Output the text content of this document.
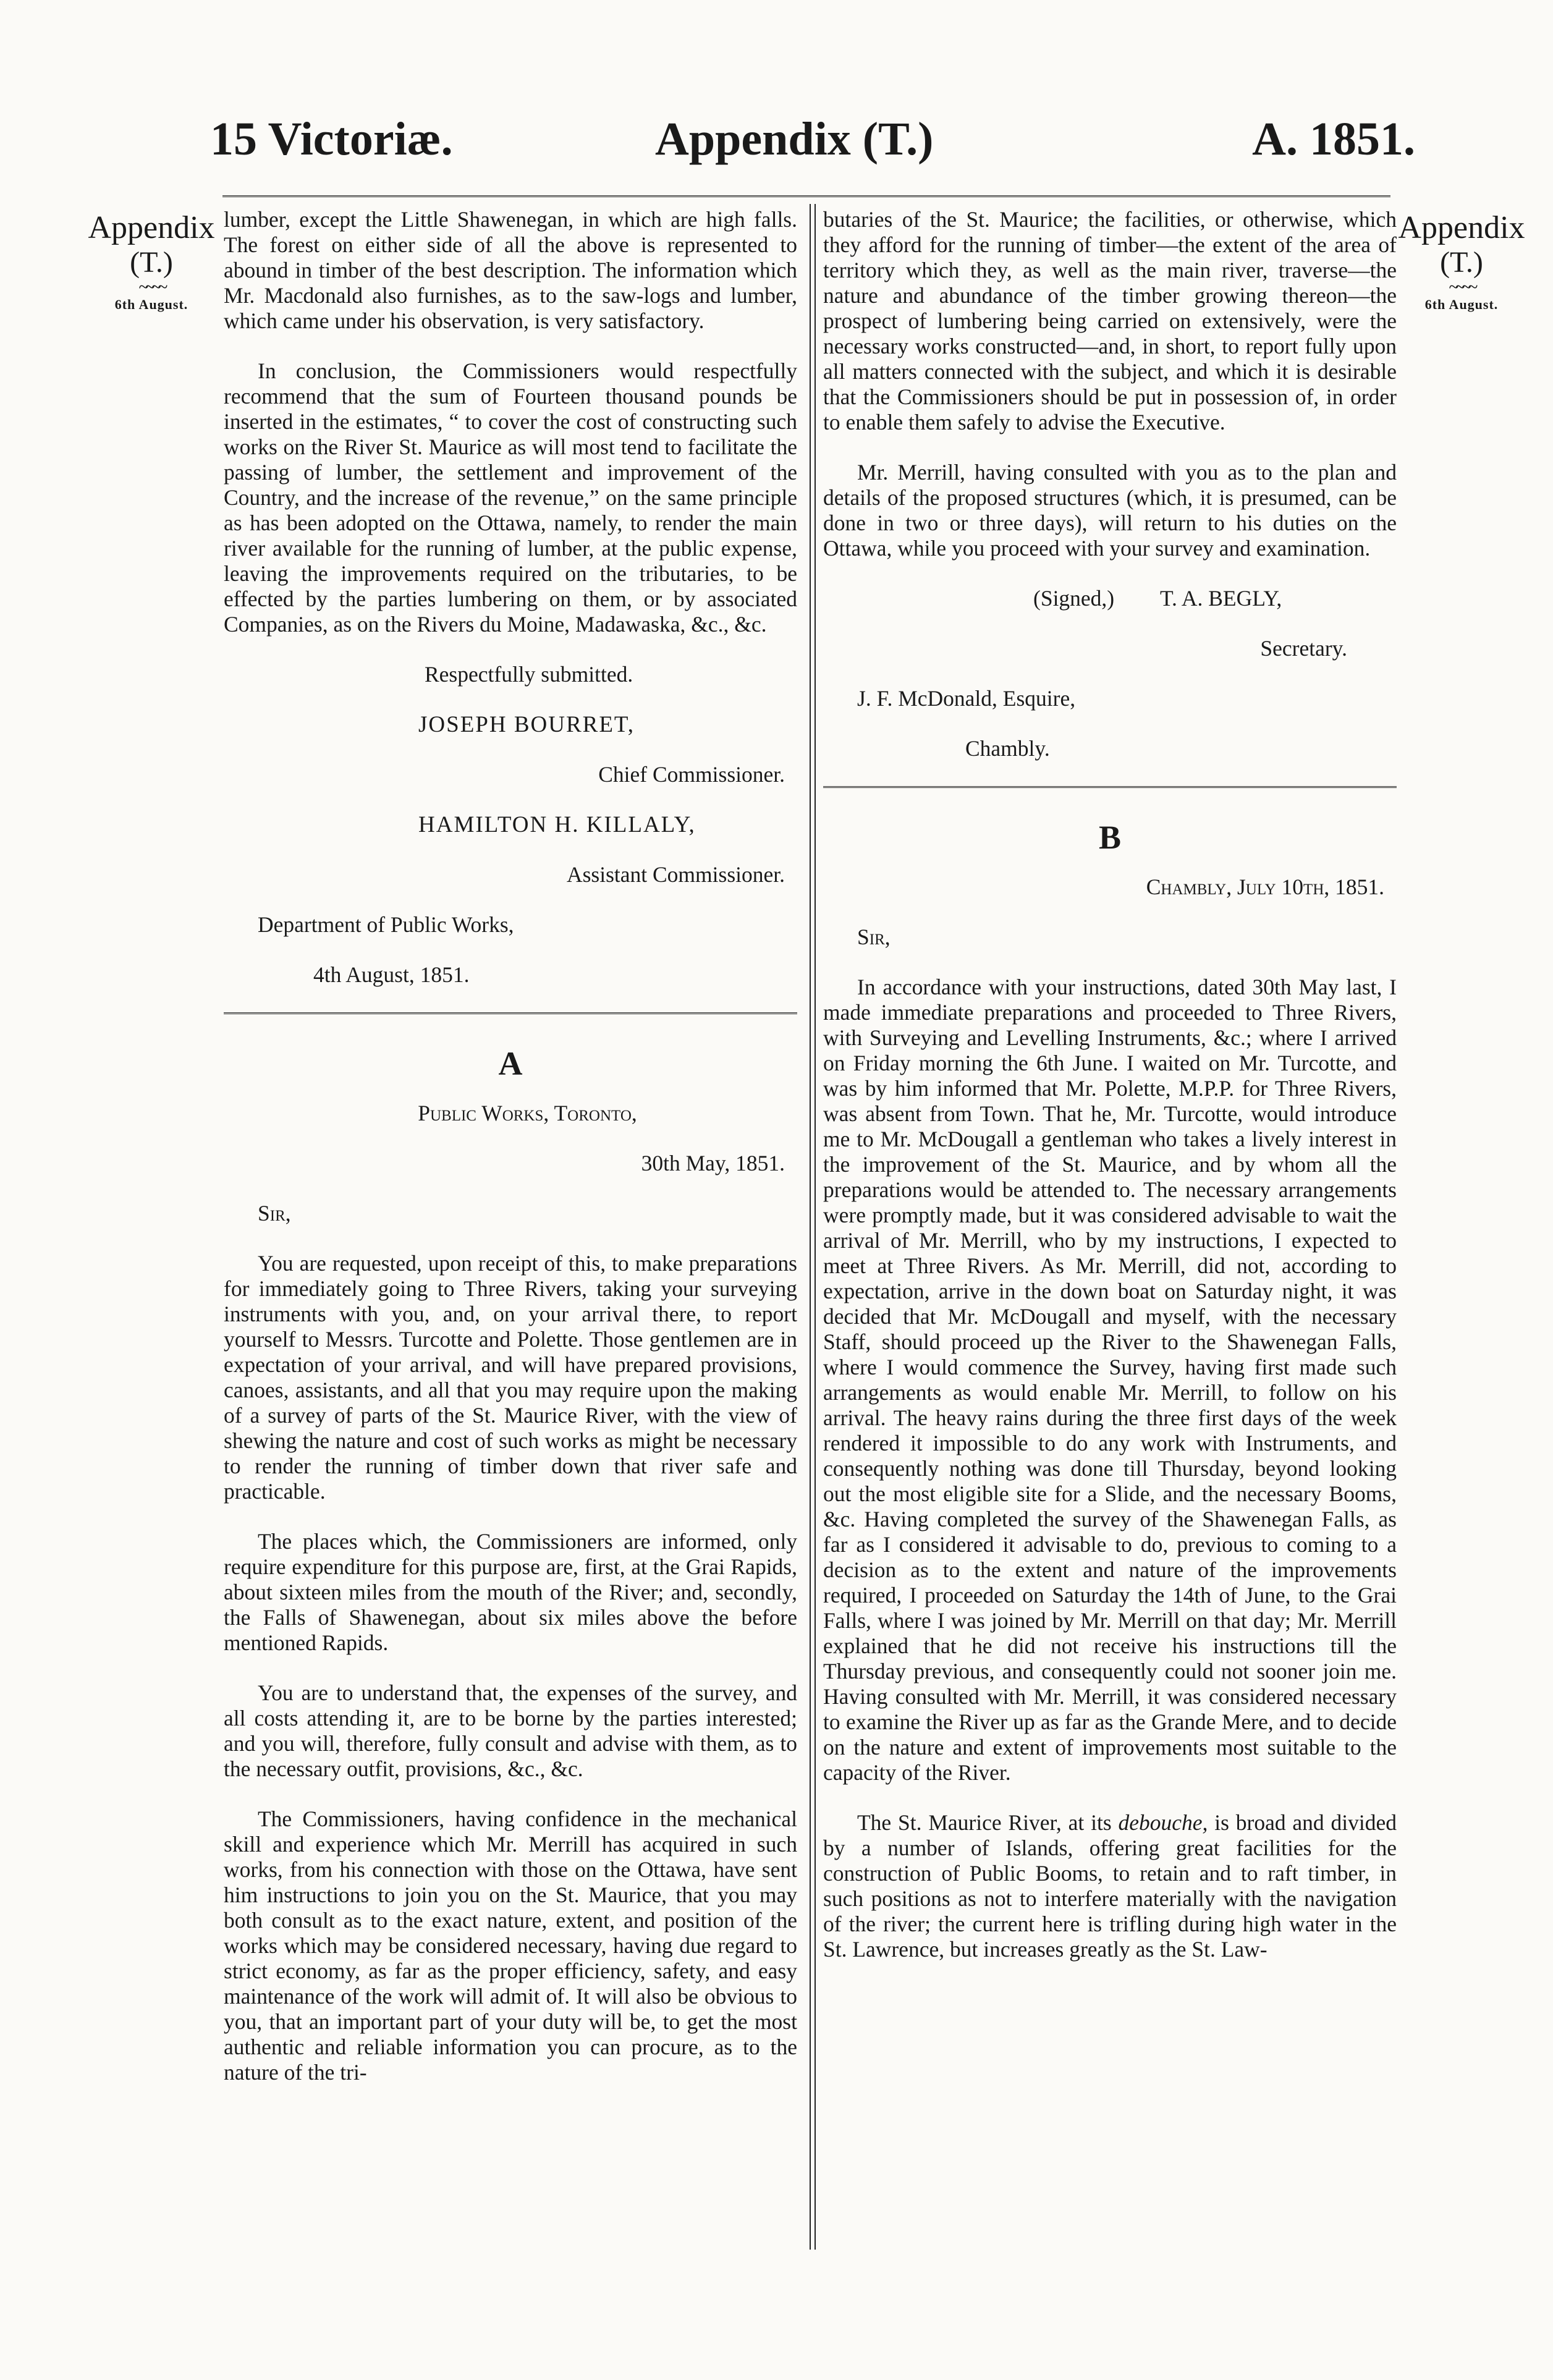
15 Victoriæ.	Appendix (T.)	A. 1851.
Appendix
(T.)
~~~~
6th August.
Appendix
(T.)
~~~~
6th August.

lumber, except the Little Shawenegan, in which are high falls. The forest on either side of all the above is represented to abound in timber of the best description. The information which Mr. Macdonald also furnishes, as to the saw-logs and lumber, which came under his observation, is very satisfactory.

In conclusion, the Commissioners would respectfully recommend that the sum of Fourteen thousand pounds be inserted in the estimates, “ to cover the cost of constructing such works on the River St. Maurice as will most tend to facilitate the passing of lumber, the settlement and improvement of the Country, and the increase of the revenue,” on the same principle as has been adopted on the Ottawa, namely, to render the main river available for the running of lumber, at the public expense, leaving the improvements required on the tributaries, to be effected by the parties lumbering on them, or by associated Companies, as on the Rivers du Moine, Madawaska, &c., &c.

Respectfully submitted.

JOSEPH BOURRET,

Chief Commissioner.

HAMILTON H. KILLALY,

Assistant Commissioner.

Department of Public Works,

4th August, 1851.

A

Public Works, Toronto,

30th May, 1851.

Sir,

You are requested, upon receipt of this, to make preparations for immediately going to Three Rivers, taking your surveying instruments with you, and, on your arrival there, to report yourself to Messrs. Turcotte and Polette. Those gentlemen are in expectation of your arrival, and will have prepared provisions, canoes, assistants, and all that you may require upon the making of a survey of parts of the St. Maurice River, with the view of shewing the nature and cost of such works as might be necessary to render the running of timber down that river safe and practicable.

The places which, the Commissioners are informed, only require expenditure for this purpose are, first, at the Grai Rapids, about sixteen miles from the mouth of the River; and, secondly, the Falls of Shawenegan, about six miles above the before mentioned Rapids.

You are to understand that, the expenses of the survey, and all costs attending it, are to be borne by the parties interested; and you will, therefore, fully consult and advise with them, as to the necessary outfit, provisions, &c., &c.

The Commissioners, having confidence in the mechanical skill and experience which Mr. Merrill has acquired in such works, from his connection with those on the Ottawa, have sent him instructions to join you on the St. Maurice, that you may both consult as to the exact nature, extent, and position of the works which may be considered necessary, having due regard to strict economy, as far as the proper efficiency, safety, and easy maintenance of the work will admit of. It will also be obvious to you, that an important part of your duty will be, to get the most authentic and reliable information you can procure, as to the nature of the tri-

butaries of the St. Maurice; the facilities, or otherwise, which they afford for the running of timber—the extent of the area of territory which they, as well as the main river, traverse—the nature and abundance of the timber growing thereon—the prospect of lumbering being carried on extensively, were the necessary works constructed—and, in short, to report fully upon all matters connected with the subject, and which it is desirable that the Commissioners should be put in possession of, in order to enable them safely to advise the Executive.

Mr. Merrill, having consulted with you as to the plan and details of the proposed structures (which, it is presumed, can be done in two or three days), will return to his duties on the Ottawa, while you proceed with your survey and examination.

(Signed,) T. A. BEGLY,

Secretary.

J. F. McDonald, Esquire,

Chambly.

B

Chambly, July 10th, 1851.

Sir,

In accordance with your instructions, dated 30th May last, I made immediate preparations and proceeded to Three Rivers, with Surveying and Levelling Instruments, &c.; where I arrived on Friday morning the 6th June. I waited on Mr. Turcotte, and was by him informed that Mr. Polette, M.P.P. for Three Rivers, was absent from Town. That he, Mr. Turcotte, would introduce me to Mr. McDougall a gentleman who takes a lively interest in the improvement of the St. Maurice, and by whom all the preparations would be attended to. The necessary arrangements were promptly made, but it was considered advisable to wait the arrival of Mr. Merrill, who by my instructions, I expected to meet at Three Rivers. As Mr. Merrill, did not, according to expectation, arrive in the down boat on Saturday night, it was decided that Mr. McDougall and myself, with the necessary Staff, should proceed up the River to the Shawenegan Falls, where I would commence the Survey, having first made such arrangements as would enable Mr. Merrill, to follow on his arrival. The heavy rains during the three first days of the week rendered it impossible to do any work with Instruments, and consequently nothing was done till Thursday, beyond looking out the most eligible site for a Slide, and the necessary Booms, &c. Having completed the survey of the Shawenegan Falls, as far as I considered it advisable to do, previous to coming to a decision as to the extent and nature of the improvements required, I proceeded on Saturday the 14th of June, to the Grai Falls, where I was joined by Mr. Merrill on that day; Mr. Merrill explained that he did not receive his instructions till the Thursday previous, and consequently could not sooner join me. Having consulted with Mr. Merrill, it was considered necessary to examine the River up as far as the Grande Mere, and to decide on the nature and extent of improvements most suitable to the capacity of the River.

The St. Maurice River, at its debouche, is broad and divided by a number of Islands, offering great facilities for the construction of Public Booms, to retain and to raft timber, in such positions as not to interfere materially with the navigation of the river; the current here is trifling during high water in the St. Lawrence, but increases greatly as the St. Law-
